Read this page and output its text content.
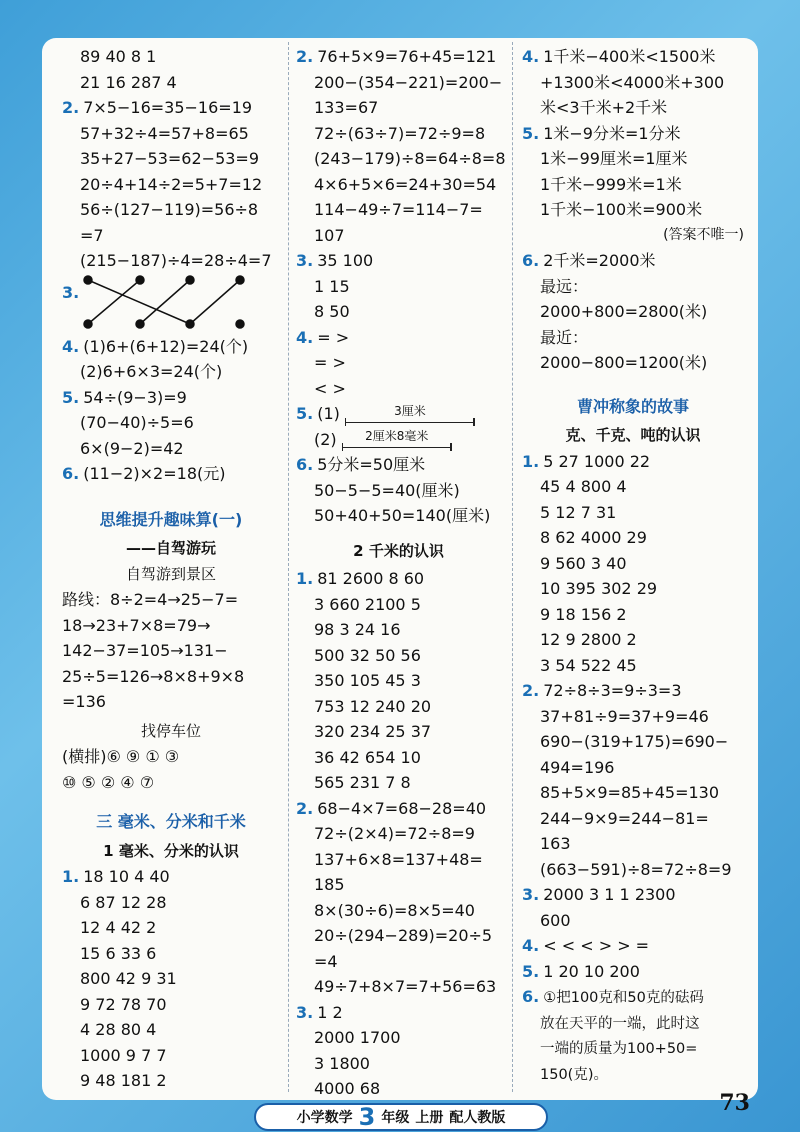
89 40 8 1
21 16 287 4
2. 7×5−16=35−16=19
57+32÷4=57+8=65
35+27−53=62−53=9
20÷4+14÷2=5+7=12
56÷(127−119)=56÷8
=7
(215−187)÷4=28÷4=7
3.
4. (1)6+(6+12)=24(个)
(2)6+6×3=24(个)
5. 54÷(9−3)=9
(70−40)÷5=6
6×(9−2)=42
6. (11−2)×2=18(元)
思维提升趣味算(一)
——自驾游玩
自驾游到景区
路线：8÷2=4→25−7=
18→23+7×8=79→
142−37=105→131−
25÷5=126→8×8+9×8
=136
找停车位
(横排)⑥ ⑨ ① ③
⑩ ⑤ ② ④ ⑦
三 毫米、分米和千米
1 毫米、分米的认识
1. 18 10 4 40
6 87 12 28
12 4 42 2
15 6 33 6
800 42 9 31
9 72 78 70
4 28 80 4
1000 9 7 7
9 48 181 2
2. 76+5×9=76+45=121
200−(354−221)=200−
133=67
72÷(63÷7)=72÷9=8
(243−179)÷8=64÷8=8
4×6+5×6=24+30=54
114−49÷7=114−7=
107
3. 35 100
1 15
8 50
4. = >
= >
< >
5. (1)	3厘米
(2)	2厘米8毫米
6. 5分米=50厘米
50−5−5=40(厘米)
50+40+50=140(厘米)
2 千米的认识
1. 81 2600 8 60
3 660 2100 5
98 3 24 16
500 32 50 56
350 105 45 3
753 12 240 20
320 234 25 37
36 42 654 10
565 231 7 8
2. 68−4×7=68−28=40
72÷(2×4)=72÷8=9
137+6×8=137+48=
185
8×(30÷6)=8×5=40
20÷(294−289)=20÷5
=4
49÷7+8×7=7+56=63
3. 1 2
2000 1700
3 1800
4000 68
4. 1千米−400米<1500米
+1300米<4000米+300
米<3千米+2千米
5. 1米−9分米=1分米
1米−99厘米=1厘米
1千米−999米=1米
1千米−100米=900米
(答案不唯一)
6. 2千米=2000米
最远：
2000+800=2800(米)
最近：
2000−800=1200(米)
曹冲称象的故事
克、千克、吨的认识
1. 5 27 1000 22
45 4 800 4
5 12 7 31
8 62 4000 29
9 560 3 40
10 395 302 29
9 18 156 2
12 9 2800 2
3 54 522 45
2. 72÷8÷3=9÷3=3
37+81÷9=37+9=46
690−(319+175)=690−
494=196
85+5×9=85+45=130
244−9×9=244−81=
163
(663−591)÷8=72÷8=9
3. 2000 3 1 1 2300
600
4. < < < > > =
5. 1 20 10 200
6. ①把100克和50克的砝码
放在天平的一端，此时这
一端的质量为100+50=
150(克)。
小学数学 3 年级 上册 配人教版
73
